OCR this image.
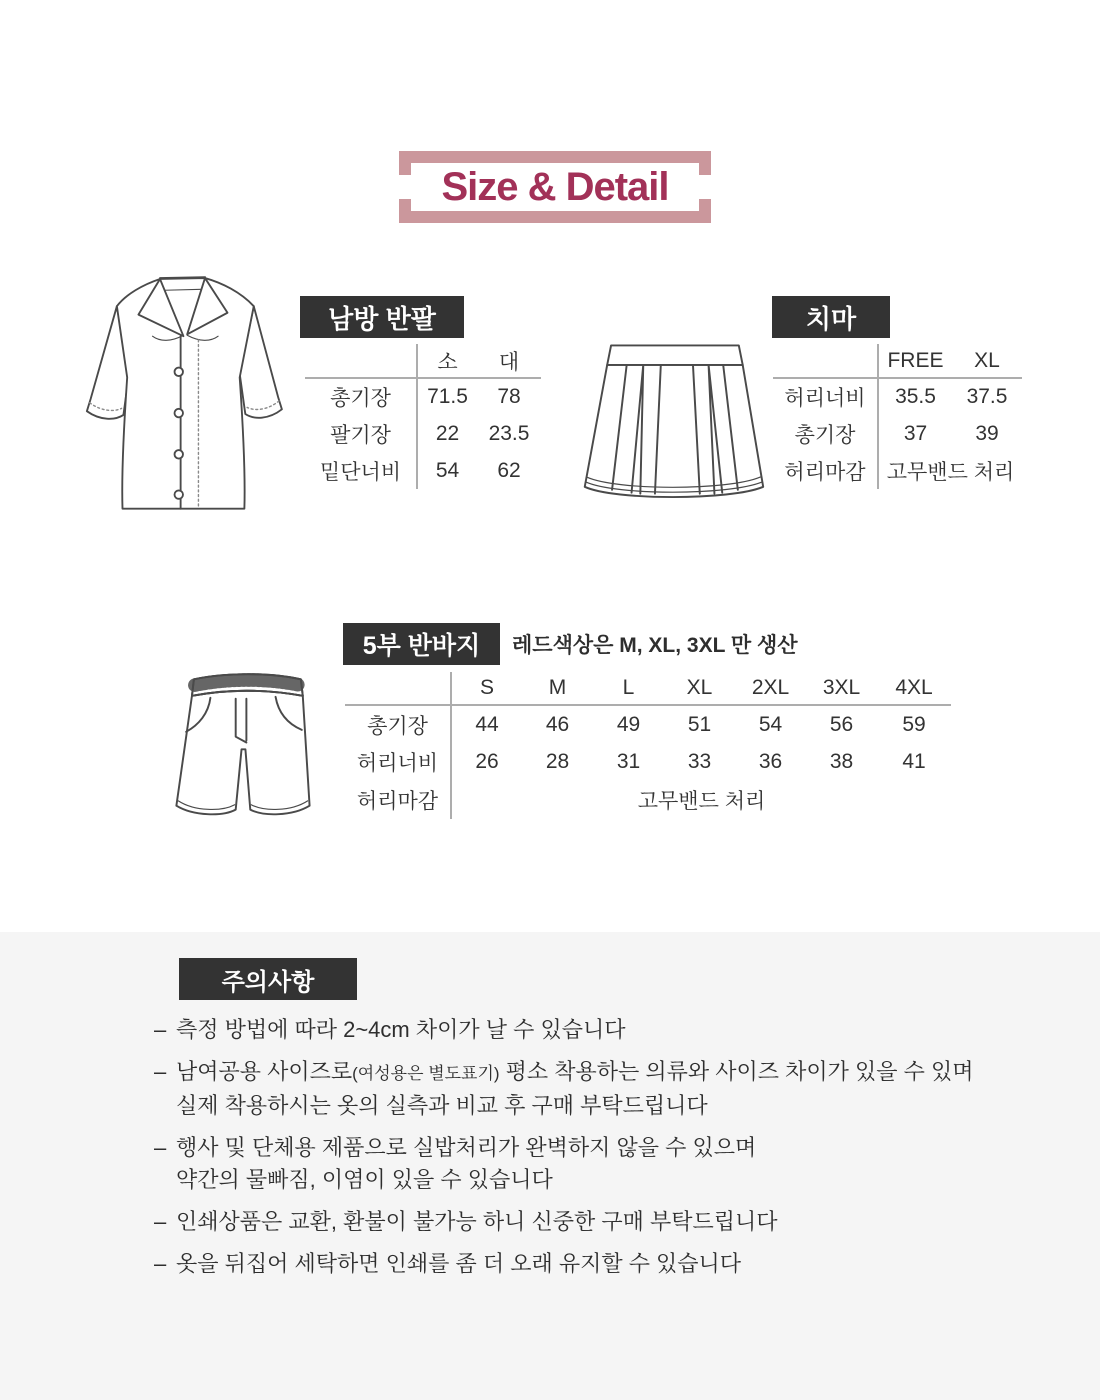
Size & Detail
남방 반팔
	소	대
총기장	71.5	78
팔기장	22	23.5
밑단너비	54	62
치마
	FREE	XL
허리너비	35.5	37.5
총기장	37	39
허리마감	고무밴드 처리	
5부 반바지	레드색상은 M, XL, 3XL 만 생산
	S	M	L	XL	2XL	3XL	4XL
총기장	44	46	49	51	54	56	59
허리너비	26	28	31	33	36	38	41
허리마감	고무밴드 처리						
주의사항
– 측정 방법에 따라 2~4cm 차이가 날 수 있습니다
– 남여공용 사이즈로(여성용은 별도표기) 평소 착용하는 의류와 사이즈 차이가 있을 수 있며
실제 착용하시는 옷의 실측과 비교 후 구매 부탁드립니다
– 행사 및 단체용 제품으로 실밥처리가 완벽하지 않을 수 있으며
약간의 물빠짐, 이염이 있을 수 있습니다
– 인쇄상품은 교환, 환불이 불가능 하니 신중한 구매 부탁드립니다
– 옷을 뒤집어 세탁하면 인쇄를 좀 더 오래 유지할 수 있습니다
